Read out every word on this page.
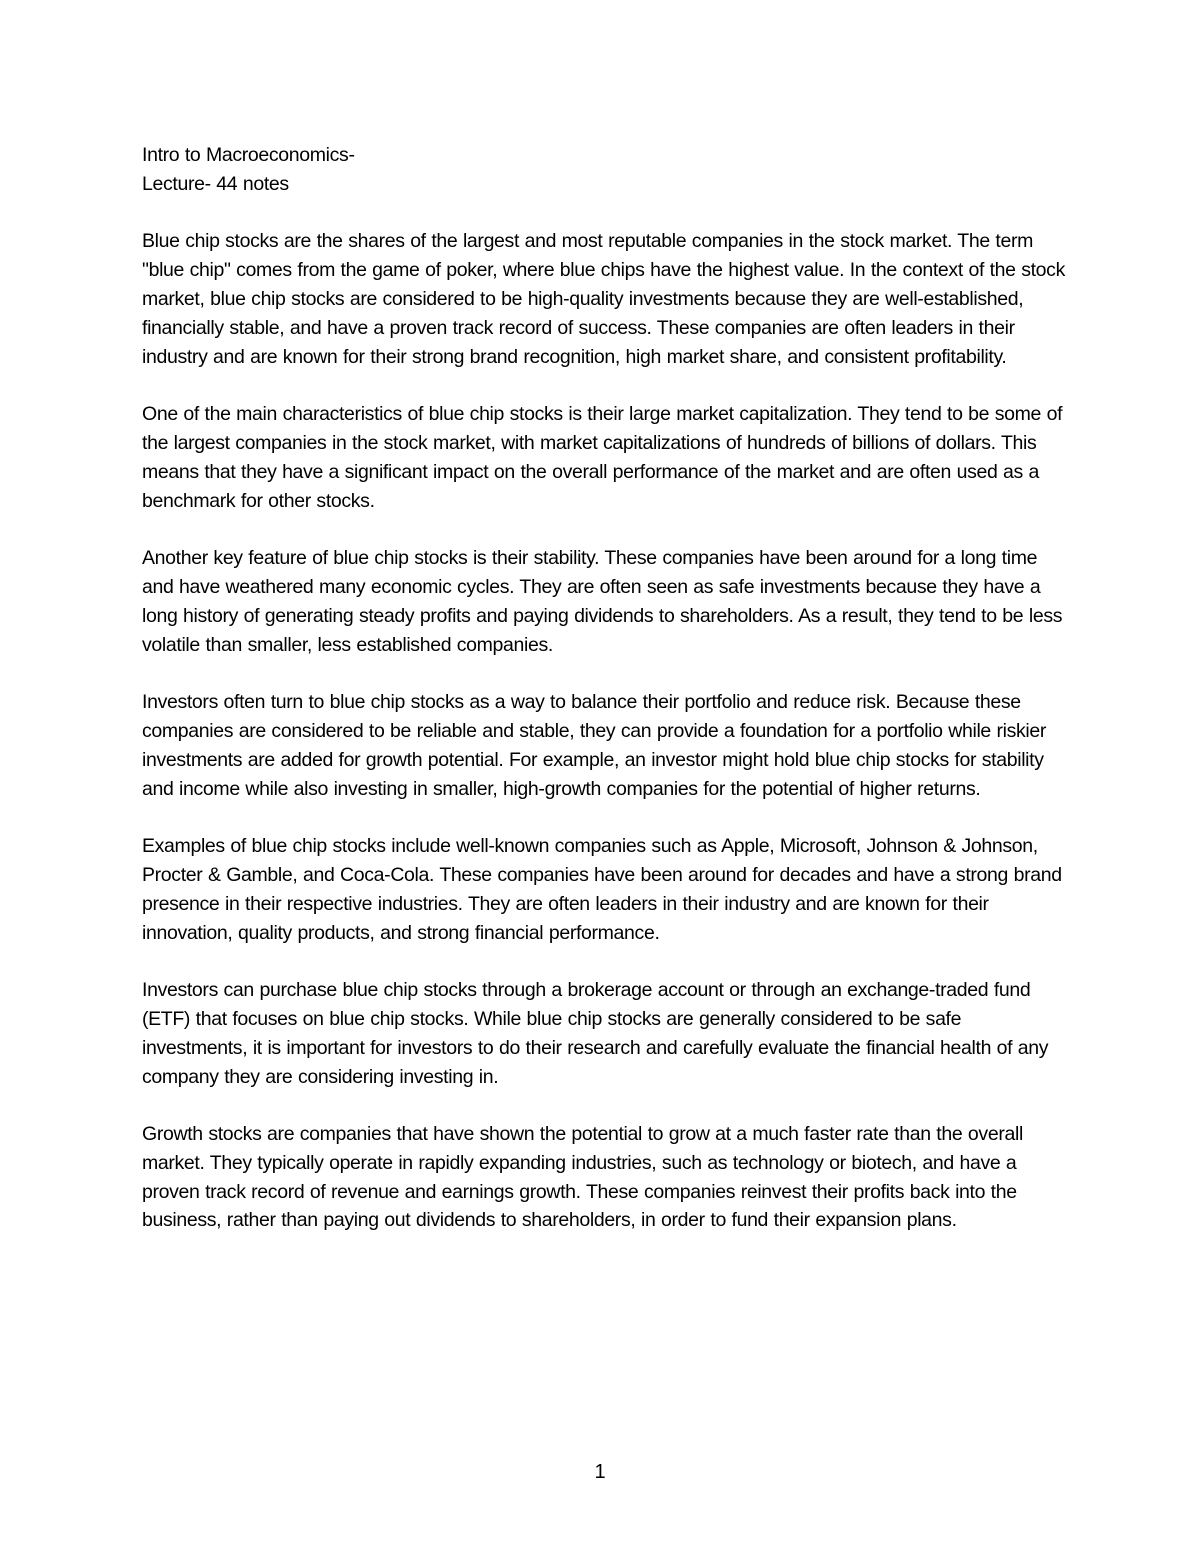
Intro to Macroeconomics-
Lecture- 44 notes

Blue chip stocks are the shares of the largest and most reputable companies in the stock market. The term "blue chip" comes from the game of poker, where blue chips have the highest value. In the context of the stock market, blue chip stocks are considered to be high-quality investments because they are well-established, financially stable, and have a proven track record of success. These companies are often leaders in their industry and are known for their strong brand recognition, high market share, and consistent profitability.

One of the main characteristics of blue chip stocks is their large market capitalization. They tend to be some of the largest companies in the stock market, with market capitalizations of hundreds of billions of dollars. This means that they have a significant impact on the overall performance of the market and are often used as a benchmark for other stocks.

Another key feature of blue chip stocks is their stability. These companies have been around for a long time and have weathered many economic cycles. They are often seen as safe investments because they have a long history of generating steady profits and paying dividends to shareholders. As a result, they tend to be less volatile than smaller, less established companies.

Investors often turn to blue chip stocks as a way to balance their portfolio and reduce risk. Because these companies are considered to be reliable and stable, they can provide a foundation for a portfolio while riskier investments are added for growth potential. For example, an investor might hold blue chip stocks for stability and income while also investing in smaller, high-growth companies for the potential of higher returns.

Examples of blue chip stocks include well-known companies such as Apple, Microsoft, Johnson & Johnson, Procter & Gamble, and Coca-Cola. These companies have been around for decades and have a strong brand presence in their respective industries. They are often leaders in their industry and are known for their innovation, quality products, and strong financial performance.

Investors can purchase blue chip stocks through a brokerage account or through an exchange-traded fund (ETF) that focuses on blue chip stocks. While blue chip stocks are generally considered to be safe investments, it is important for investors to do their research and carefully evaluate the financial health of any company they are considering investing in.

Growth stocks are companies that have shown the potential to grow at a much faster rate than the overall market. They typically operate in rapidly expanding industries, such as technology or biotech, and have a proven track record of revenue and earnings growth. These companies reinvest their profits back into the business, rather than paying out dividends to shareholders, in order to fund their expansion plans.

1
